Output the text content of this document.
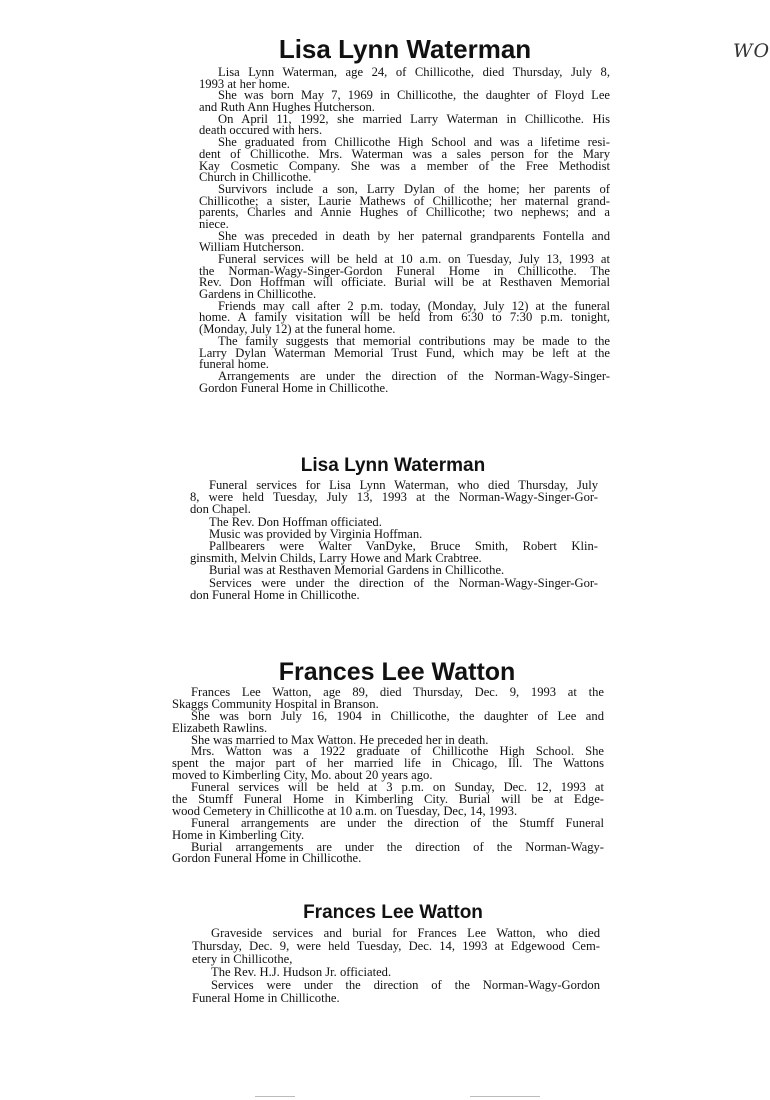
WO
Lisa Lynn Waterman
Lisa Lynn Waterman, age 24, of Chillicothe, died Thursday, July 8,
1993 at her home.
She was born May 7, 1969 in Chillicothe, the daughter of Floyd Lee
and Ruth Ann Hughes Hutcherson.
On April 11, 1992, she married Larry Waterman in Chillicothe. His
death occured with hers.
She graduated from Chillicothe High School and was a lifetime resi-
dent of Chillicothe. Mrs. Waterman was a sales person for the Mary
Kay Cosmetic Company. She was a member of the Free Methodist
Church in Chillicothe.
Survivors include a son, Larry Dylan of the home; her parents of
Chillicothe; a sister, Laurie Mathews of Chillicothe; her maternal grand-
parents, Charles and Annie Hughes of Chillicothe; two nephews; and a
niece.
She was preceded in death by her paternal grandparents Fontella and
William Hutcherson.
Funeral services will be held at 10 a.m. on Tuesday, July 13, 1993 at
the Norman-Wagy-Singer-Gordon Funeral Home in Chillicothe. The
Rev. Don Hoffman will officiate. Burial will be at Resthaven Memorial
Gardens in Chillicothe.
Friends may call after 2 p.m. today, (Monday, July 12) at the funeral
home. A family visitation will be held from 6:30 to 7:30 p.m. tonight,
(Monday, July 12) at the funeral home.
The family suggests that memorial contributions may be made to the
Larry Dylan Waterman Memorial Trust Fund, which may be left at the
funeral home.
Arrangements are under the direction of the Norman-Wagy-Singer-
Gordon Funeral Home in Chillicothe.
Lisa Lynn Waterman
Funeral services for Lisa Lynn Waterman, who died Thursday, July
8, were held Tuesday, July 13, 1993 at the Norman-Wagy-Singer-Gor-
don Chapel.
The Rev. Don Hoffman officiated.
Music was provided by Virginia Hoffman.
Pallbearers were Walter VanDyke, Bruce Smith, Robert Klin-
ginsmith, Melvin Childs, Larry Howe and Mark Crabtree.
Burial was at Resthaven Memorial Gardens in Chillicothe.
Services were under the direction of the Norman-Wagy-Singer-Gor-
don Funeral Home in Chillicothe.
Frances Lee Watton
Frances Lee Watton, age 89, died Thursday, Dec. 9, 1993 at the
Skaggs Community Hospital in Branson.
She was born July 16, 1904 in Chillicothe, the daughter of Lee and
Elizabeth Rawlins.
She was married to Max Watton. He preceded her in death.
Mrs. Watton was a 1922 graduate of Chillicothe High School. She
spent the major part of her married life in Chicago, Ill. The Wattons
moved to Kimberling City, Mo. about 20 years ago.
Funeral services will be held at 3 p.m. on Sunday, Dec. 12, 1993 at
the Stumff Funeral Home in Kimberling City. Burial will be at Edge-
wood Cemetery in Chillicothe at 10 a.m. on Tuesday, Dec, 14, 1993.
Funeral arrangements are under the direction of the Stumff Funeral
Home in Kimberling City.
Burial arrangements are under the direction of the Norman-Wagy-
Gordon Funeral Home in Chillicothe.
Frances Lee Watton
Graveside services and burial for Frances Lee Watton, who died
Thursday, Dec. 9, were held Tuesday, Dec. 14, 1993 at Edgewood Cem-
etery in Chillicothe,
The Rev. H.J. Hudson Jr. officiated.
Services were under the direction of the Norman-Wagy-Gordon
Funeral Home in Chillicothe.
